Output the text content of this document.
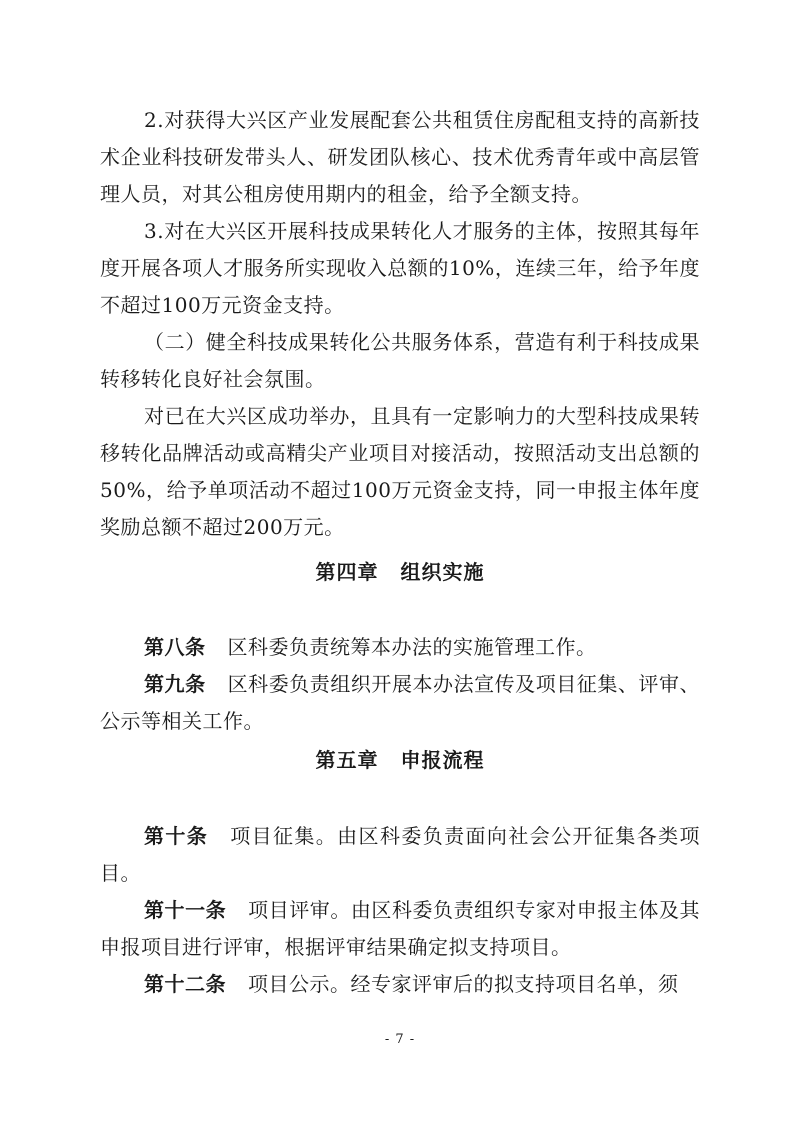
2.对获得大兴区产业发展配套公共租赁住房配租支持的高新技术企业科技研发带头人、研发团队核心、技术优秀青年或中高层管理人员，对其公租房使用期内的租金，给予全额支持。

3.对在大兴区开展科技成果转化人才服务的主体，按照其每年度开展各项人才服务所实现收入总额的10%，连续三年，给予年度不超过100万元资金支持。

（二）健全科技成果转化公共服务体系，营造有利于科技成果转移转化良好社会氛围。

对已在大兴区成功举办，且具有一定影响力的大型科技成果转移转化品牌活动或高精尖产业项目对接活动，按照活动支出总额的50%，给予单项活动不超过100万元资金支持，同一申报主体年度奖励总额不超过200万元。

第四章 组织实施

第八条 区科委负责统筹本办法的实施管理工作。

第九条 区科委负责组织开展本办法宣传及项目征集、评审、公示等相关工作。

第五章 申报流程

第十条 项目征集。由区科委负责面向社会公开征集各类项目。

第十一条 项目评审。由区科委负责组织专家对申报主体及其申报项目进行评审，根据评审结果确定拟支持项目。

第十二条 项目公示。经专家评审后的拟支持项目名单，须

- 7 -
